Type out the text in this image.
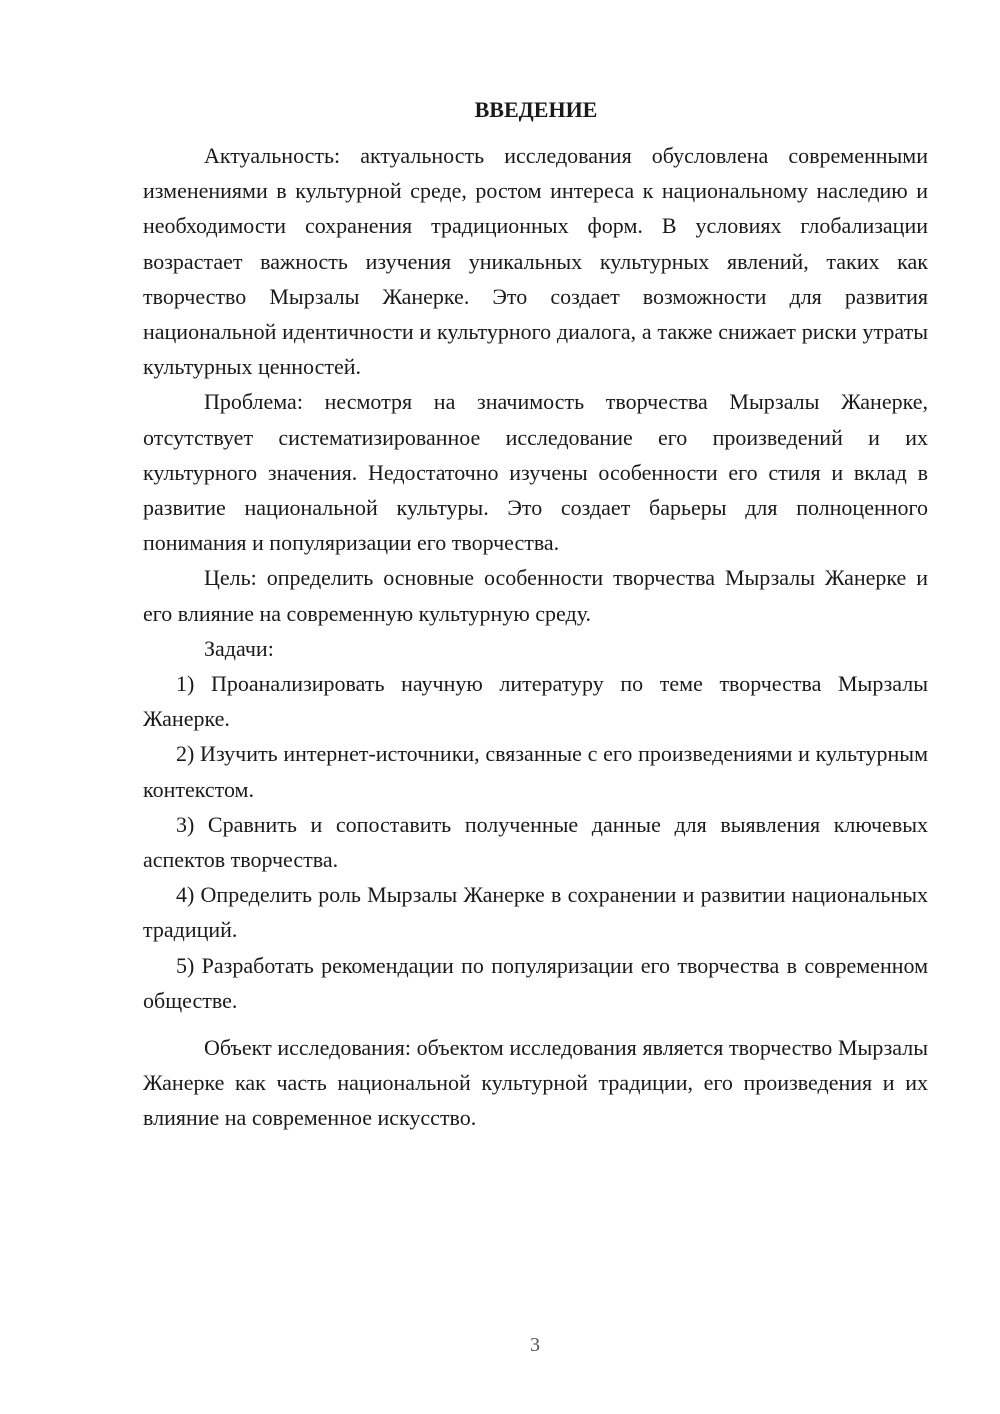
ВВЕДЕНИЕ

Актуальность: актуальность исследования обусловлена современными изменениями в культурной среде, ростом интереса к национальному наследию и необходимости сохранения традиционных форм. В условиях глобализации возрастает важность изучения уникальных культурных явлений, таких как творчество Мырзалы Жанерке. Это создает возможности для развития национальной идентичности и культурного диалога, а также снижает риски утраты культурных ценностей.

Проблема: несмотря на значимость творчества Мырзалы Жанерке, отсутствует систематизированное исследование его произведений и их культурного значения. Недостаточно изучены особенности его стиля и вклад в развитие национальной культуры. Это создает барьеры для полноценного понимания и популяризации его творчества.

Цель: определить основные особенности творчества Мырзалы Жанерке и его влияние на современную культурную среду.

Задачи:

1) Проанализировать научную литературу по теме творчества Мырзалы Жанерке.

2) Изучить интернет-источники, связанные с его произведениями и культурным контекстом.

3) Сравнить и сопоставить полученные данные для выявления ключевых аспектов творчества.

4) Определить роль Мырзалы Жанерке в сохранении и развитии национальных традиций.

5) Разработать рекомендации по популяризации его творчества в современном обществе.

Объект исследования: объектом исследования является творчество Мырзалы Жанерке как часть национальной культурной традиции, его произведения и их влияние на современное искусство.

3
